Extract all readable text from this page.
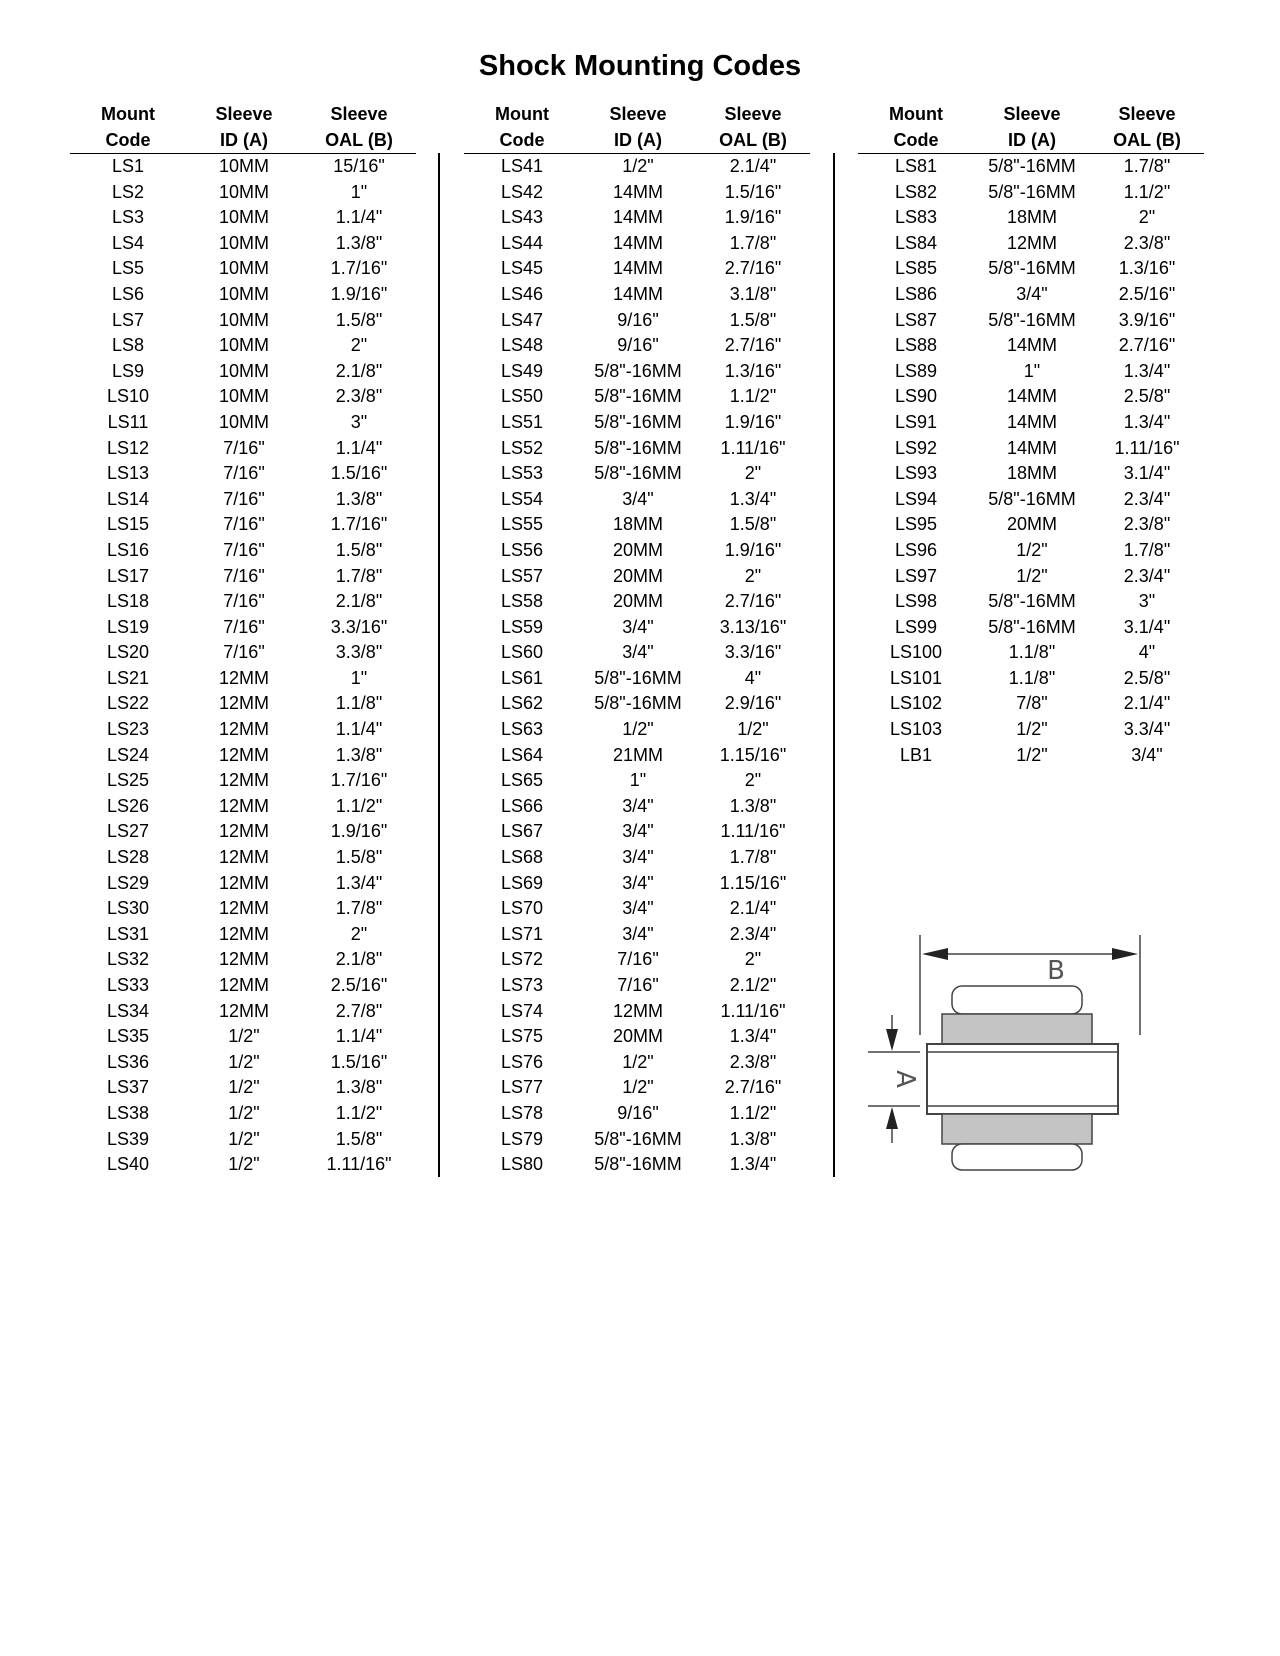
Shock Mounting Codes
Mount	Sleeve	Sleeve
Code	ID (A)	OAL (B)
LS1	10MM	15/16"
LS2	10MM	1"
LS3	10MM	1.1/4"
LS4	10MM	1.3/8"
LS5	10MM	1.7/16"
LS6	10MM	1.9/16"
LS7	10MM	1.5/8"
LS8	10MM	2"
LS9	10MM	2.1/8"
LS10	10MM	2.3/8"
LS11	10MM	3"
LS12	7/16"	1.1/4"
LS13	7/16"	1.5/16"
LS14	7/16"	1.3/8"
LS15	7/16"	1.7/16"
LS16	7/16"	1.5/8"
LS17	7/16"	1.7/8"
LS18	7/16"	2.1/8"
LS19	7/16"	3.3/16"
LS20	7/16"	3.3/8"
LS21	12MM	1"
LS22	12MM	1.1/8"
LS23	12MM	1.1/4"
LS24	12MM	1.3/8"
LS25	12MM	1.7/16"
LS26	12MM	1.1/2"
LS27	12MM	1.9/16"
LS28	12MM	1.5/8"
LS29	12MM	1.3/4"
LS30	12MM	1.7/8"
LS31	12MM	2"
LS32	12MM	2.1/8"
LS33	12MM	2.5/16"
LS34	12MM	2.7/8"
LS35	1/2"	1.1/4"
LS36	1/2"	1.5/16"
LS37	1/2"	1.3/8"
LS38	1/2"	1.1/2"
LS39	1/2"	1.5/8"
LS40	1/2"	1.11/16"
Mount	Sleeve	Sleeve
Code	ID (A)	OAL (B)
LS41	1/2"	2.1/4"
LS42	14MM	1.5/16"
LS43	14MM	1.9/16"
LS44	14MM	1.7/8"
LS45	14MM	2.7/16"
LS46	14MM	3.1/8"
LS47	9/16"	1.5/8"
LS48	9/16"	2.7/16"
LS49	5/8"-16MM	1.3/16"
LS50	5/8"-16MM	1.1/2"
LS51	5/8"-16MM	1.9/16"
LS52	5/8"-16MM	1.11/16"
LS53	5/8"-16MM	2"
LS54	3/4"	1.3/4"
LS55	18MM	1.5/8"
LS56	20MM	1.9/16"
LS57	20MM	2"
LS58	20MM	2.7/16"
LS59	3/4"	3.13/16"
LS60	3/4"	3.3/16"
LS61	5/8"-16MM	4"
LS62	5/8"-16MM	2.9/16"
LS63	1/2"	1/2"
LS64	21MM	1.15/16"
LS65	1"	2"
LS66	3/4"	1.3/8"
LS67	3/4"	1.11/16"
LS68	3/4"	1.7/8"
LS69	3/4"	1.15/16"
LS70	3/4"	2.1/4"
LS71	3/4"	2.3/4"
LS72	7/16"	2"
LS73	7/16"	2.1/2"
LS74	12MM	1.11/16"
LS75	20MM	1.3/4"
LS76	1/2"	2.3/8"
LS77	1/2"	2.7/16"
LS78	9/16"	1.1/2"
LS79	5/8"-16MM	1.3/8"
LS80	5/8"-16MM	1.3/4"
Mount	Sleeve	Sleeve
Code	ID (A)	OAL (B)
LS81	5/8"-16MM	1.7/8"
LS82	5/8"-16MM	1.1/2"
LS83	18MM	2"
LS84	12MM	2.3/8"
LS85	5/8"-16MM	1.3/16"
LS86	3/4"	2.5/16"
LS87	5/8"-16MM	3.9/16"
LS88	14MM	2.7/16"
LS89	1"	1.3/4"
LS90	14MM	2.5/8"
LS91	14MM	1.3/4"
LS92	14MM	1.11/16"
LS93	18MM	3.1/4"
LS94	5/8"-16MM	2.3/4"
LS95	20MM	2.3/8"
LS96	1/2"	1.7/8"
LS97	1/2"	2.3/4"
LS98	5/8"-16MM	3"
LS99	5/8"-16MM	3.1/4"
LS100	1.1/8"	4"
LS101	1.1/8"	2.5/8"
LS102	7/8"	2.1/4"
LS103	1/2"	3.3/4"
LB1	1/2"	3/4"
B
A
